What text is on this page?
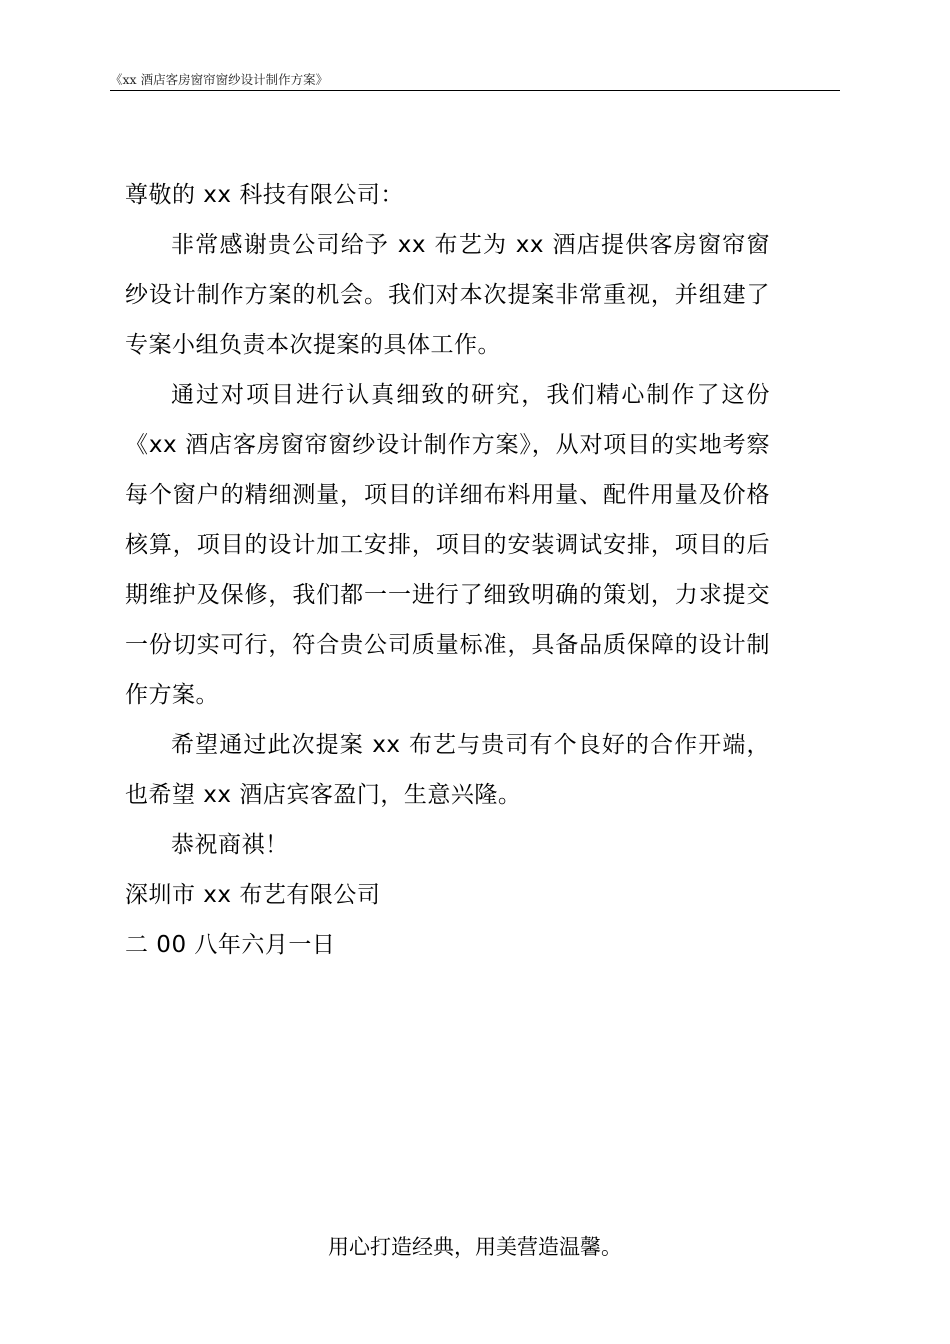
《xx 酒店客房窗帘窗纱设计制作方案》

尊敬的 xx 科技有限公司：

非常感谢贵公司给予 xx 布艺为 xx 酒店提供客房窗帘窗纱设计制作方案的机会。我们对本次提案非常重视，并组建了专案小组负责本次提案的具体工作。

通过对项目进行认真细致的研究，我们精心制作了这份《xx 酒店客房窗帘窗纱设计制作方案》，从对项目的实地考察每个窗户的精细测量，项目的详细布料用量、配件用量及价格核算，项目的设计加工安排，项目的安装调试安排，项目的后期维护及保修，我们都一一进行了细致明确的策划，力求提交一份切实可行，符合贵公司质量标准，具备品质保障的设计制作方案。

希望通过此次提案 xx 布艺与贵司有个良好的合作开端，也希望 xx 酒店宾客盈门，生意兴隆。

恭祝商祺！

深圳市 xx 布艺有限公司

二 00 八年六月一日

用心打造经典，用美营造温馨。
